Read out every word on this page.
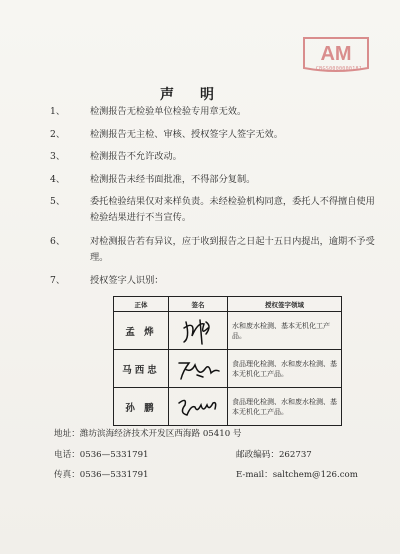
AM
CBGS0000000181
声明
1、	检测报告无检验单位检验专用章无效。
2、	检测报告无主检、审核、授权签字人签字无效。
3、	检测报告不允许改动。
4、	检测报告未经书面批准，不得部分复制。
5、	委托检验结果仅对来样负责。未经检验机构同意，委托人不得擅自使用检验结果进行不当宣传。
6、	对检测报告若有异议，应于收到报告之日起十五日内提出，逾期不予受理。
7、	授权签字人识别：
正体	签名	授权签字领域
孟 烨		水和废水检测、基本无机化工产品。
马西忠		食品理化检测、水和废水检测、基本无机化工产品。
孙 鹏		食品理化检测、水和废水检测、基本无机化工产品。
地址：潍坊滨海经济技术开发区西海路 05410 号
电话：0536—5331791	邮政编码：262737
传真：0536—5331791	E-mail：saltchem@126.com
